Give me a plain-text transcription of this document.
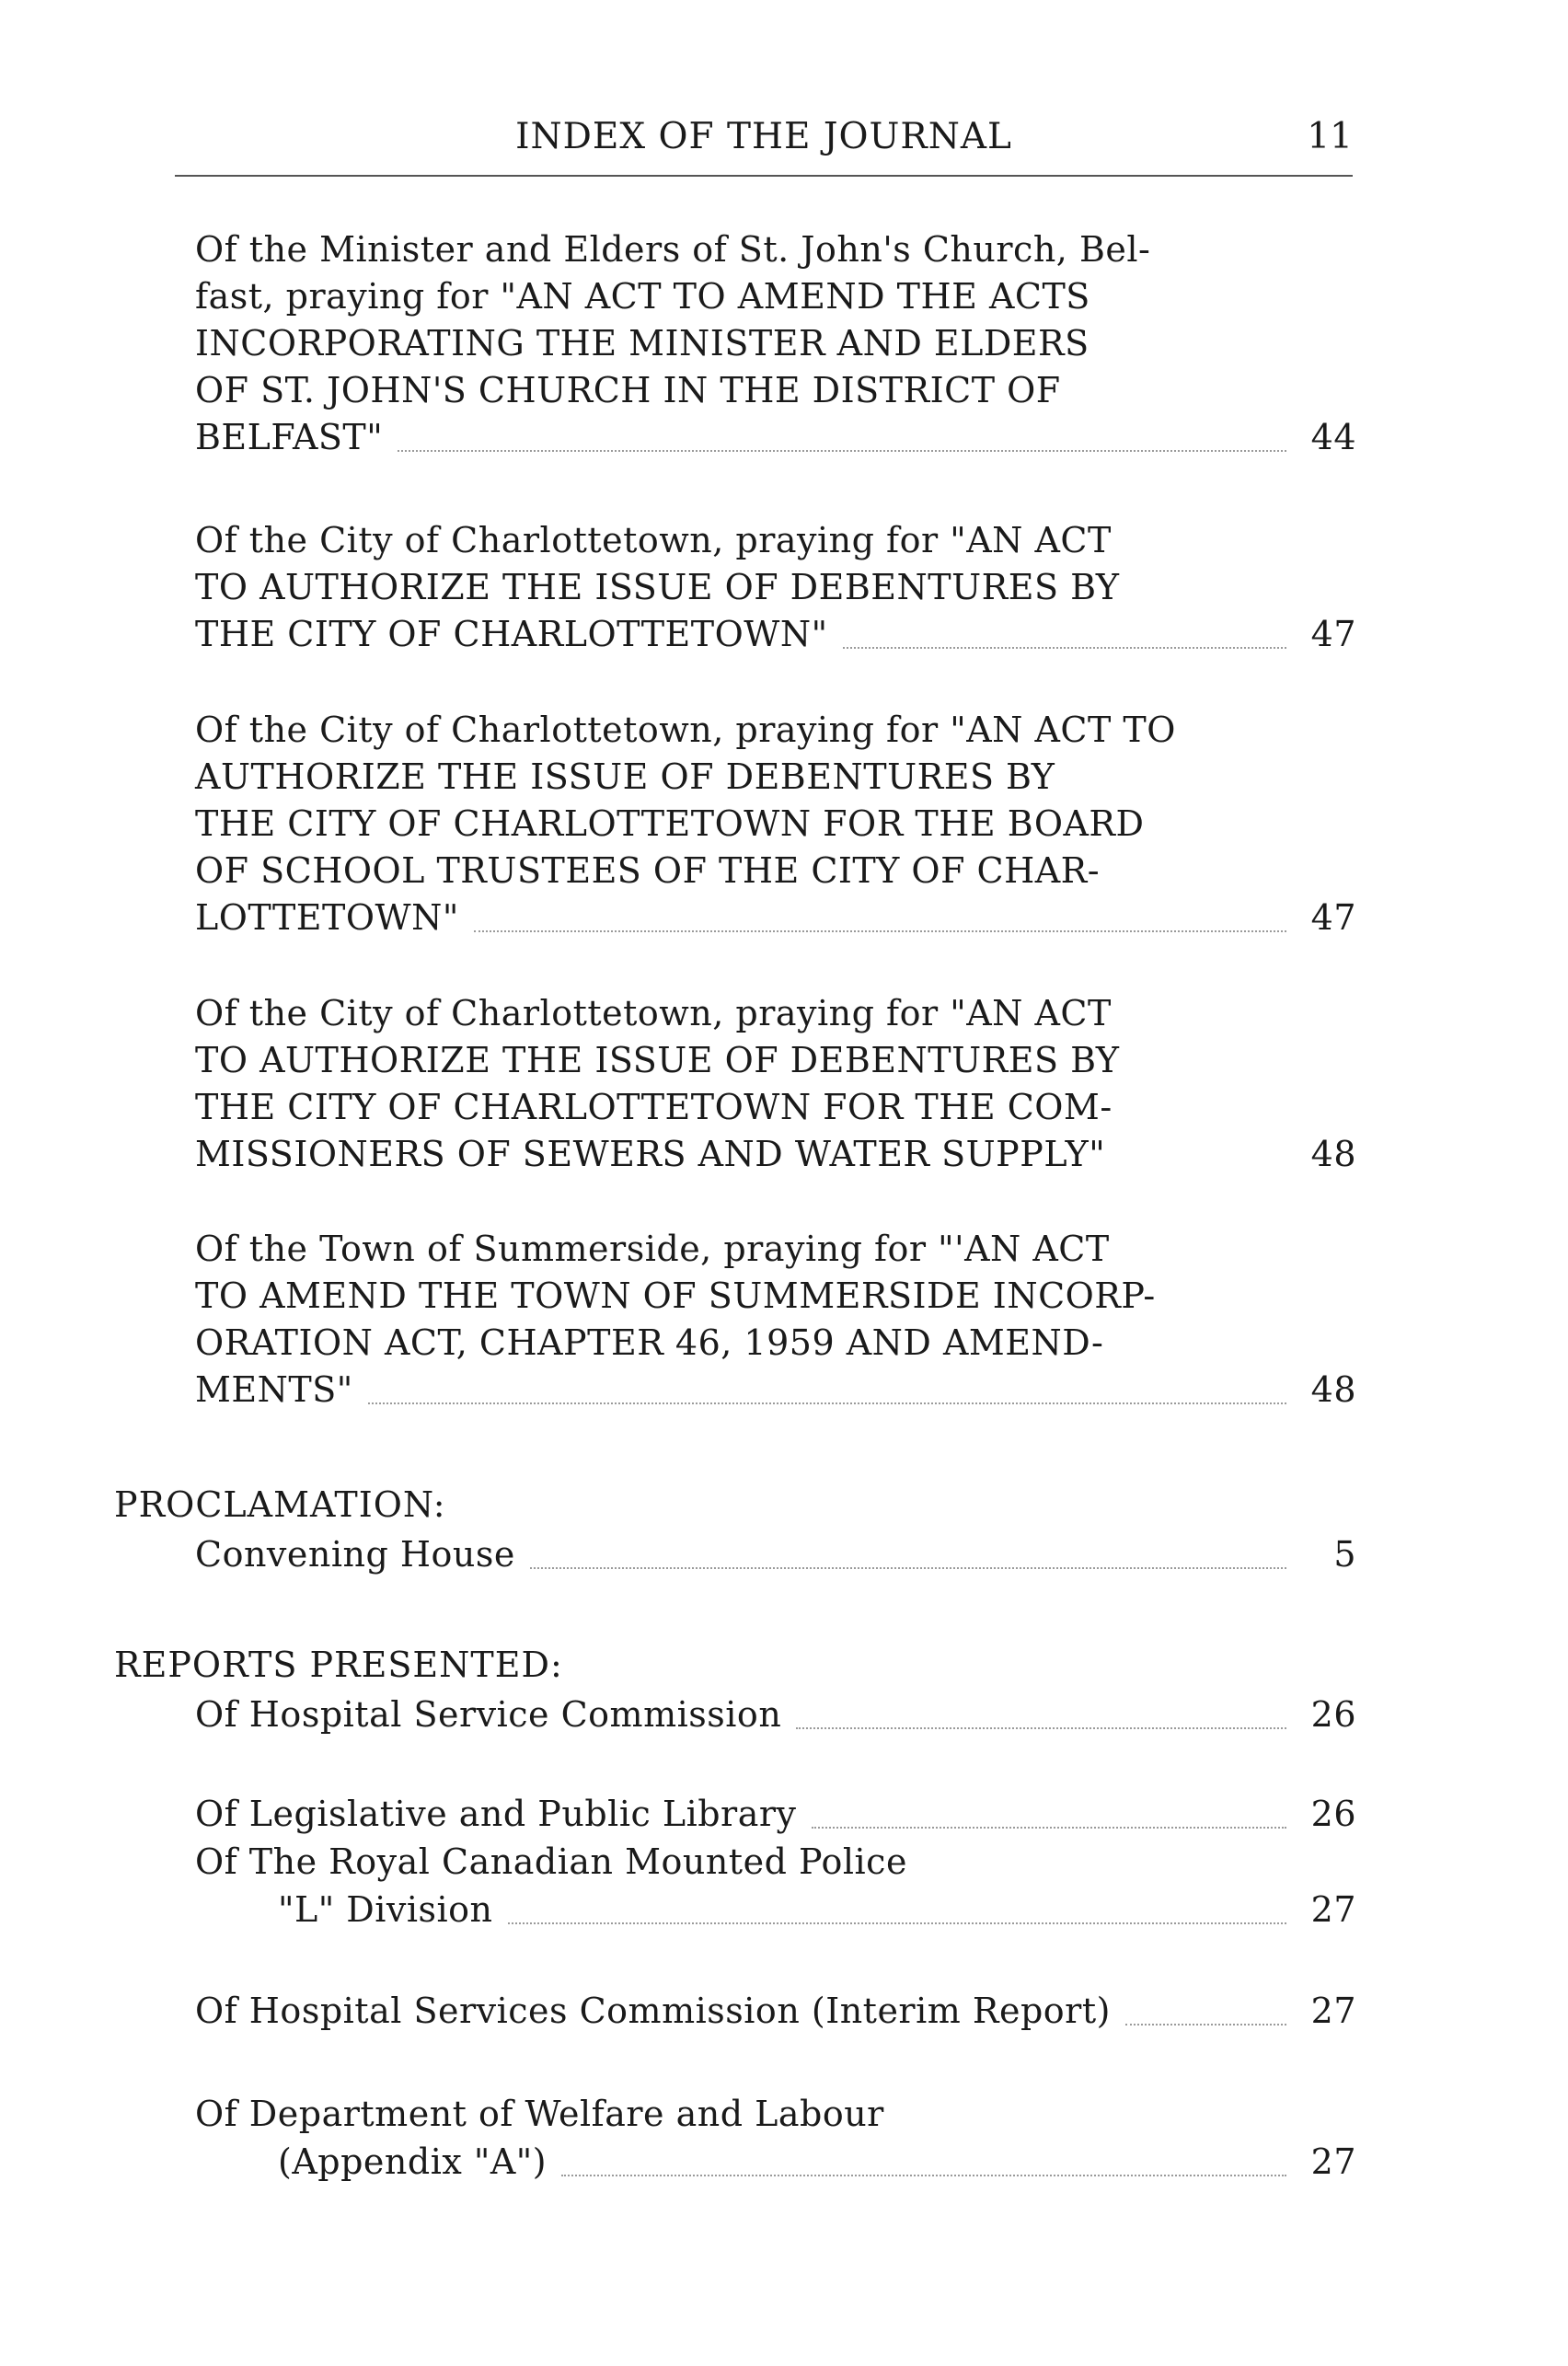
INDEX OF THE JOURNAL	11
Of the Minister and Elders of St. John's Church, Bel-
fast, praying for "AN ACT TO AMEND THE ACTS
INCORPORATING THE MINISTER AND ELDERS
OF ST. JOHN'S CHURCH IN THE DISTRICT OF
BELFAST"	44
Of the City of Charlottetown, praying for "AN ACT
TO AUTHORIZE THE ISSUE OF DEBENTURES BY
THE CITY OF CHARLOTTETOWN"	47
Of the City of Charlottetown, praying for "AN ACT TO
AUTHORIZE THE ISSUE OF DEBENTURES BY
THE CITY OF CHARLOTTETOWN FOR THE BOARD
OF SCHOOL TRUSTEES OF THE CITY OF CHAR-
LOTTETOWN"	47
Of the City of Charlottetown, praying for "AN ACT
TO AUTHORIZE THE ISSUE OF DEBENTURES BY
THE CITY OF CHARLOTTETOWN FOR THE COM-
MISSIONERS OF SEWERS AND WATER SUPPLY"	48
Of the Town of Summerside, praying for "'AN ACT
TO AMEND THE TOWN OF SUMMERSIDE INCORP-
ORATION ACT, CHAPTER 46, 1959 AND AMEND-
MENTS"	48
PROCLAMATION:
Convening House	5
REPORTS PRESENTED:
Of Hospital Service Commission	26
Of Legislative and Public Library	26
Of The Royal Canadian Mounted Police
"L" Division	27
Of Hospital Services Commission (Interim Report)	27
Of Department of Welfare and Labour
(Appendix "A")	27
